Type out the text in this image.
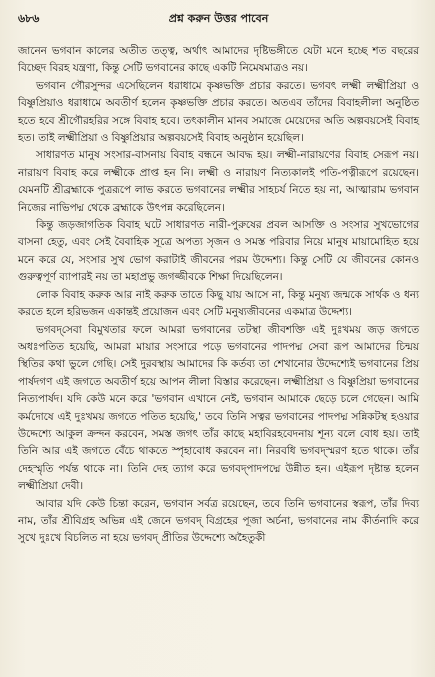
৬৮৬	প্রশ্ন করুন উত্তর পাবেন

জানেন ভগবান কালের অতীত তত্ত্ব, অর্থাৎ আমাদের দৃষ্টিভঙ্গীতে যেটা মনে হচ্ছে শত বছরের বিচ্ছেদ বিরহ যন্ত্রণা, কিন্তু সেটি ভগবানের কাছে একটি নিমেষমাত্রও নয়।

ভগবান গৌরসুন্দর এসেছিলেন ধরাধামে কৃষ্ণভক্তি প্রচার করতে। ভগবৎ লক্ষ্মী লক্ষ্মীপ্রিয়া ও বিষ্ণুপ্রিয়াও ধরাধামে অবতীর্ণ হলেন কৃষ্ণভক্তি প্রচার করতে। অতএব তাঁদের বিবাহলীলা অনুষ্ঠিত হতে হবে শ্রীগৌরহরির সঙ্গে বিবাহ হবে। তৎকালীন মানব সমাজে মেয়েদের অতি অল্পবয়সেই বিবাহ হত। তাই লক্ষ্মীপ্রিয়া ও বিষ্ণুপ্রিয়ার অল্পবয়সেই বিবাহ অনুষ্ঠান হয়েছিল।

সাধারণত মানুষ সংসার-বাসনায় বিবাহ বন্ধনে আবদ্ধ হয়। লক্ষ্মী-নারায়ণের বিবাহ সেরূপ নয়। নারায়ণ বিবাহ করে লক্ষ্মীকে প্রাপ্ত হন নি। লক্ষ্মী ও নারায়ণ নিত্যকালই পতি-পত্নীরূপে রয়েছেন। যেমনটি শ্রীব্রহ্মাকে পুত্ররূপে লাভ করতে ভগবানের লক্ষ্মীর সাহচর্য নিতে হয় না, আত্মারাম ভগবান নিজের নাভিপদ্ম থেকে ব্রহ্মাকে উৎপন্ন করেছিলেন।

কিন্তু জড়জাগতিক বিবাহ ঘটে সাধারণত নারী-পুরুষের প্রবল আসক্তি ও সংসার সুখভোগের বাসনা হেতু, এবং সেই বৈবাহিক সূত্রে অপত্য সৃজন ও সমস্ত পরিবার নিয়ে মানুষ মায়ামোহিত হয়ে মনে করে যে, সংসার সুখ ভোগ করাটাই জীবনের পরম উদ্দেশ্য। কিন্তু সেটি যে জীবনের কোনও গুরুত্বপূর্ণ ব্যাপারই নয় তা মহাপ্রভু জগজ্জীবকে শিক্ষা দিয়েছিলেন।

লোক বিবাহ করুক আর নাই করুক তাতে কিছু যায় আসে না, কিন্তু মনুষ্য জন্মকে সার্থক ও ধন্য করতে হলে হরিভজন একান্তই প্রয়োজন এবং সেটি মনুষ্যজীবনের একমাত্র উদ্দেশ্য।

ভগবদ্‌সেবা বিমুখতার ফলে আমরা ভগবানের তটস্থা জীবশক্তি এই দুঃখময় জড় জগতে অধঃপতিত হয়েছি, আমরা মায়ার সংসারে পড়ে ভগবানের পাদপদ্ম সেবা রূপ আমাদের চিন্ময় স্থিতির কথা ভুলে গেছি। সেই দুরবস্থায় আমাদের কি কর্তব্য তা শেখানোর উদ্দেশ্যেই ভগবানের প্রিয় পার্ষদগণ এই জগতে অবতীর্ণ হয়ে আপন লীলা বিস্তার করেছেন। লক্ষ্মীপ্রিয়া ও বিষ্ণুপ্রিয়া ভগবানের নিত্যপার্ষদ। যদি কেউ মনে করে 'ভগবান এখানে নেই, ভগবান আমাকে ছেড়ে চলে গেছেন। আমি কর্মদোষে এই দুঃখময় জগতে পতিত হয়েছি,' তবে তিনি সত্বর ভগবানের পাদপদ্ম সন্নিকটস্থ হওয়ার উদ্দেশ্যে আকুল ক্রন্দন করবেন, সমস্ত জগৎ তাঁর কাছে মহাবিরহবেদনায় শূন্য বলে বোধ হয়। তাই তিনি আর এই জগতে বেঁচে থাকতে স্পৃহাবোধ করবেন না। নিরবধি ভগবদ্‌স্মরণ হতে থাকে। তাঁর দেহস্মৃতি পর্যন্ত থাকে না। তিনি দেহ ত্যাগ করে ভগবদ্‌পাদপদ্মে উন্নীত হন। এইরূপ দৃষ্টান্ত হলেন লক্ষ্মীপ্রিয়া দেবী।

আবার যদি কেউ চিন্তা করেন, ভগবান সর্বত্র রয়েছেন, তবে তিনি ভগবানের স্বরূপ, তাঁর দিব্য নাম, তাঁর শ্রীবিগ্রহ অভিন্ন এই জেনে ভগবদ্‌ বিগ্রহের পূজা অর্চনা, ভগবানের নাম কীর্তনাদি করে সুখে দুঃখে বিচলিত না হয়ে ভগবদ্‌ প্রীতির উদ্দেশ্যে অহৈতুকী
